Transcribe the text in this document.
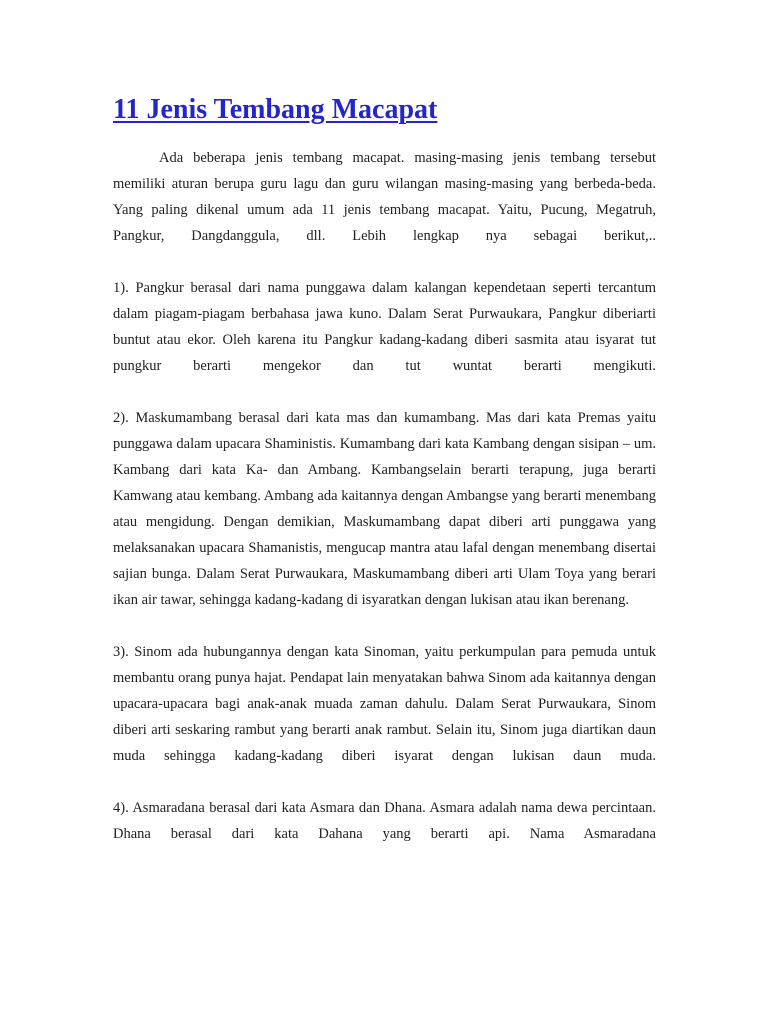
11 Jenis Tembang Macapat

Ada beberapa jenis tembang macapat. masing-masing jenis tembang tersebut memiliki aturan berupa guru lagu dan guru wilangan masing-masing yang berbeda-beda. Yang paling dikenal umum ada 11 jenis tembang macapat. Yaitu, Pucung, Megatruh, Pangkur, Dangdanggula, dll. Lebih lengkap nya sebagai berikut,..

1). Pangkur berasal dari nama punggawa dalam kalangan kependetaan seperti tercantum dalam piagam-piagam berbahasa jawa kuno. Dalam Serat Purwaukara, Pangkur diberiarti buntut atau ekor. Oleh karena itu Pangkur kadang-kadang diberi sasmita atau isyarat tut pungkur berarti mengekor dan tut wuntat berarti mengikuti.

2). Maskumambang berasal dari kata mas dan kumambang. Mas dari kata Premas yaitu punggawa dalam upacara Shaministis. Kumambang dari kata Kambang dengan sisipan – um. Kambang dari kata Ka- dan Ambang. Kambangselain berarti terapung, juga berarti Kamwang atau kembang. Ambang ada kaitannya dengan Ambangse yang berarti menembang atau mengidung. Dengan demikian, Maskumambang dapat diberi arti punggawa yang melaksanakan upacara Shamanistis, mengucap mantra atau lafal dengan menembang disertai sajian bunga. Dalam Serat Purwaukara, Maskumambang diberi arti Ulam Toya yang berari ikan air tawar, sehingga kadang-kadang di isyaratkan dengan lukisan atau ikan berenang.

3). Sinom ada hubungannya dengan kata Sinoman, yaitu perkumpulan para pemuda untuk membantu orang punya hajat. Pendapat lain menyatakan bahwa Sinom ada kaitannya dengan upacara-upacara bagi anak-anak muada zaman dahulu. Dalam Serat Purwaukara, Sinom diberi arti seskaring rambut yang berarti anak rambut. Selain itu, Sinom juga diartikan daun muda sehingga kadang-kadang diberi isyarat dengan lukisan daun muda.

4). Asmaradana berasal dari kata Asmara dan Dhana. Asmara adalah nama dewa percintaan. Dhana berasal dari kata Dahana yang berarti api. Nama Asmaradana
